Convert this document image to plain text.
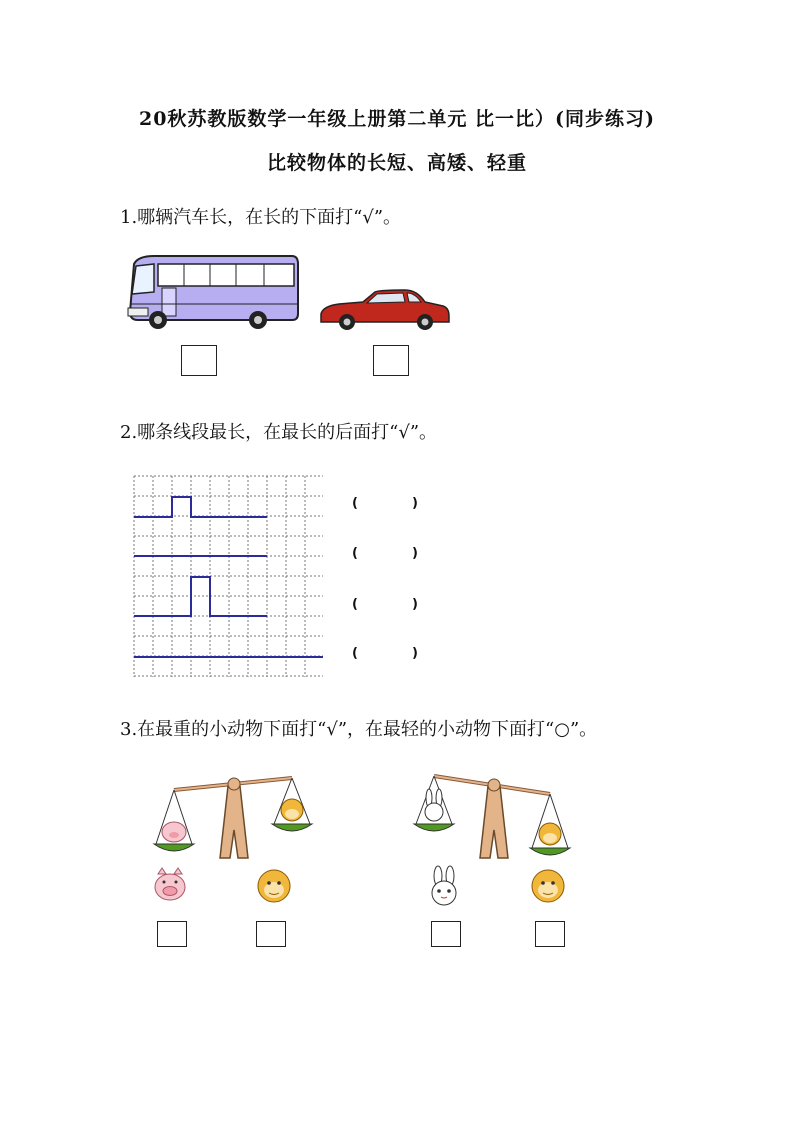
20秋苏教版数学一年级上册第二单元 比一比）(同步练习)
比较物体的长短、高矮、轻重
1.哪辆汽车长，在长的下面打“√”。
2.哪条线段最长，在最长的后面打“√”。
(	)
(	)
(	)
(	)
3.在最重的小动物下面打“√”，在最轻的小动物下面打“○”。
